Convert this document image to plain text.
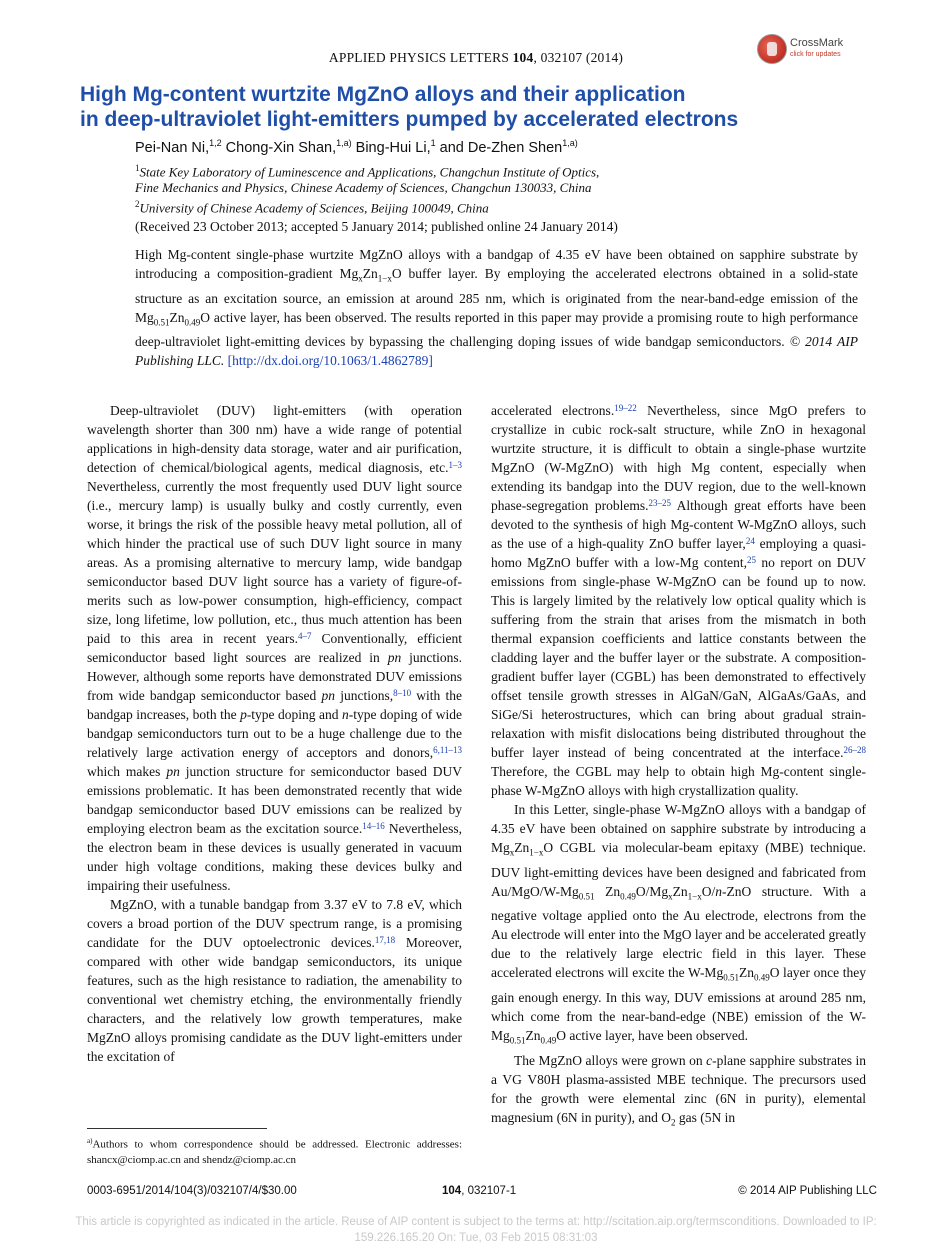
APPLIED PHYSICS LETTERS 104, 032107 (2014)
CrossMark
click for updates
High Mg-content wurtzite MgZnO alloys and their application
in deep-ultraviolet light-emitters pumped by accelerated electrons
Pei-Nan Ni,$^{1,2}$ Chong-Xin Shan,$^{1,a)}$ Bing-Hui Li,$^1$ and De-Zhen Shen$^{1,a)}$
$^1$State Key Laboratory of Luminescence and Applications, Changchun Institute of Optics,
Fine Mechanics and Physics, Chinese Academy of Sciences, Changchun 130033, China
$^2$University of Chinese Academy of Sciences, Beijing 100049, China
(Received 23 October 2013; accepted 5 January 2014; published online 24 January 2014)
High Mg-content single-phase wurtzite MgZnO alloys with a bandgap of 4.35 eV have been obtained on sapphire substrate by introducing a composition-gradient $Mg_xZn_{1-x}O$ buffer layer. By employing the accelerated electrons obtained in a solid-state structure as an excitation source, an emission at around 285 nm, which is originated from the near-band-edge emission of the $Mg_{0.51}Zn_{0.49}O$ active layer, has been observed. The results reported in this paper may provide a promising route to high performance deep-ultraviolet light-emitting devices by bypassing the challenging doping issues of wide bandgap semiconductors. © 2014 AIP Publishing LLC. [http://dx.doi.org/10.1063/1.4862789]

Deep-ultraviolet (DUV) light-emitters (with operation wavelength shorter than 300 nm) have a wide range of potential applications in high-density data storage, water and air purification, detection of chemical/biological agents, medical diagnosis, etc.$^{1-3}$ Nevertheless, currently the most frequently used DUV light source (i.e., mercury lamp) is usually bulky and costly currently, even worse, it brings the risk of the possible heavy metal pollution, all of which hinder the practical use of such DUV light source in many areas. As a promising alternative to mercury lamp, wide bandgap semiconductor based DUV light source has a variety of figure-of-merits such as low-power consumption, high-efficiency, compact size, long lifetime, low pollution, etc., thus much attention has been paid to this area in recent years.$^{4-7}$ Conventionally, efficient semiconductor based light sources are realized in pn junctions. However, although some reports have demonstrated DUV emissions from wide bandgap semiconductor based pn junctions,$^{8-10}$ with the bandgap increases, both the p-type doping and n-type doping of wide bandgap semiconductors turn out to be a huge challenge due to the relatively large activation energy of acceptors and donors,$^{6,11-13}$ which makes pn junction structure for semiconductor based DUV emissions problematic. It has been demonstrated recently that wide bandgap semiconductor based DUV emissions can be realized by employing electron beam as the excitation source.$^{14-16}$ Nevertheless, the electron beam in these devices is usually generated in vacuum under high voltage conditions, making these devices bulky and impairing their usefulness.

MgZnO, with a tunable bandgap from 3.37 eV to 7.8 eV, which covers a broad portion of the DUV spectrum range, is a promising candidate for the DUV optoelectronic devices.$^{17,18}$ Moreover, compared with other wide bandgap semiconductors, its unique features, such as the high resistance to radiation, the amenability to conventional wet chemistry etching, the environmentally friendly characters, and the relatively low growth temperatures, make MgZnO alloys promising candidate as the DUV light-emitters under the excitation of

accelerated electrons.$^{19-22}$ Nevertheless, since MgO prefers to crystallize in cubic rock-salt structure, while ZnO in hexagonal wurtzite structure, it is difficult to obtain a single-phase wurtzite MgZnO (W-MgZnO) with high Mg content, especially when extending its bandgap into the DUV region, due to the well-known phase-segregation problems.$^{23-25}$ Although great efforts have been devoted to the synthesis of high Mg-content W-MgZnO alloys, such as the use of a high-quality ZnO buffer layer,$^{24}$ employing a quasi-homo MgZnO buffer with a low-Mg content,$^{25}$ no report on DUV emissions from single-phase W-MgZnO can be found up to now. This is largely limited by the relatively low optical quality which is suffering from the strain that arises from the mismatch in both thermal expansion coefficients and lattice constants between the cladding layer and the buffer layer or the substrate. A composition-gradient buffer layer (CGBL) has been demonstrated to effectively offset tensile growth stresses in AlGaN/GaN, AlGaAs/GaAs, and SiGe/Si heterostructures, which can bring about gradual strain-relaxation with misfit dislocations being distributed throughout the buffer layer instead of being concentrated at the interface.$^{26-28}$ Therefore, the CGBL may help to obtain high Mg-content single-phase W-MgZnO alloys with high crystallization quality.

In this Letter, single-phase W-MgZnO alloys with a bandgap of 4.35 eV have been obtained on sapphire substrate by introducing a $Mg_xZn_{1-x}O$ CGBL via molecular-beam epitaxy (MBE) technique. DUV light-emitting devices have been designed and fabricated from $Au/MgO/W-Mg_{0.51}$ $Zn_{0.49}O/Mg_xZn_{1-x}O/n$-ZnO structure. With a negative voltage applied onto the Au electrode, electrons from the Au electrode will enter into the MgO layer and be accelerated greatly due to the relatively large electric field in this layer. These accelerated electrons will excite the $W-Mg_{0.51}Zn_{0.49}O$ layer once they gain enough energy. In this way, DUV emissions at around 285 nm, which come from the near-band-edge (NBE) emission of the $W-Mg_{0.51}Zn_{0.49}O$ active layer, have been observed.

The MgZnO alloys were grown on c-plane sapphire substrates in a VG V80H plasma-assisted MBE technique. The precursors used for the growth were elemental zinc (6N in purity), elemental magnesium (6N in purity), and $O_2$ gas (5N in

$^{a)}$Authors to whom correspondence should be addressed. Electronic addresses: shancx@ciomp.ac.cn and shendz@ciomp.ac.cn
0003-6951/2014/104(3)/032107/4/$30.00	104, 032107-1	© 2014 AIP Publishing LLC
This article is copyrighted as indicated in the article. Reuse of AIP content is subject to the terms at: http://scitation.aip.org/termsconditions. Downloaded to IP:
159.226.165.20 On: Tue, 03 Feb 2015 08:31:03
